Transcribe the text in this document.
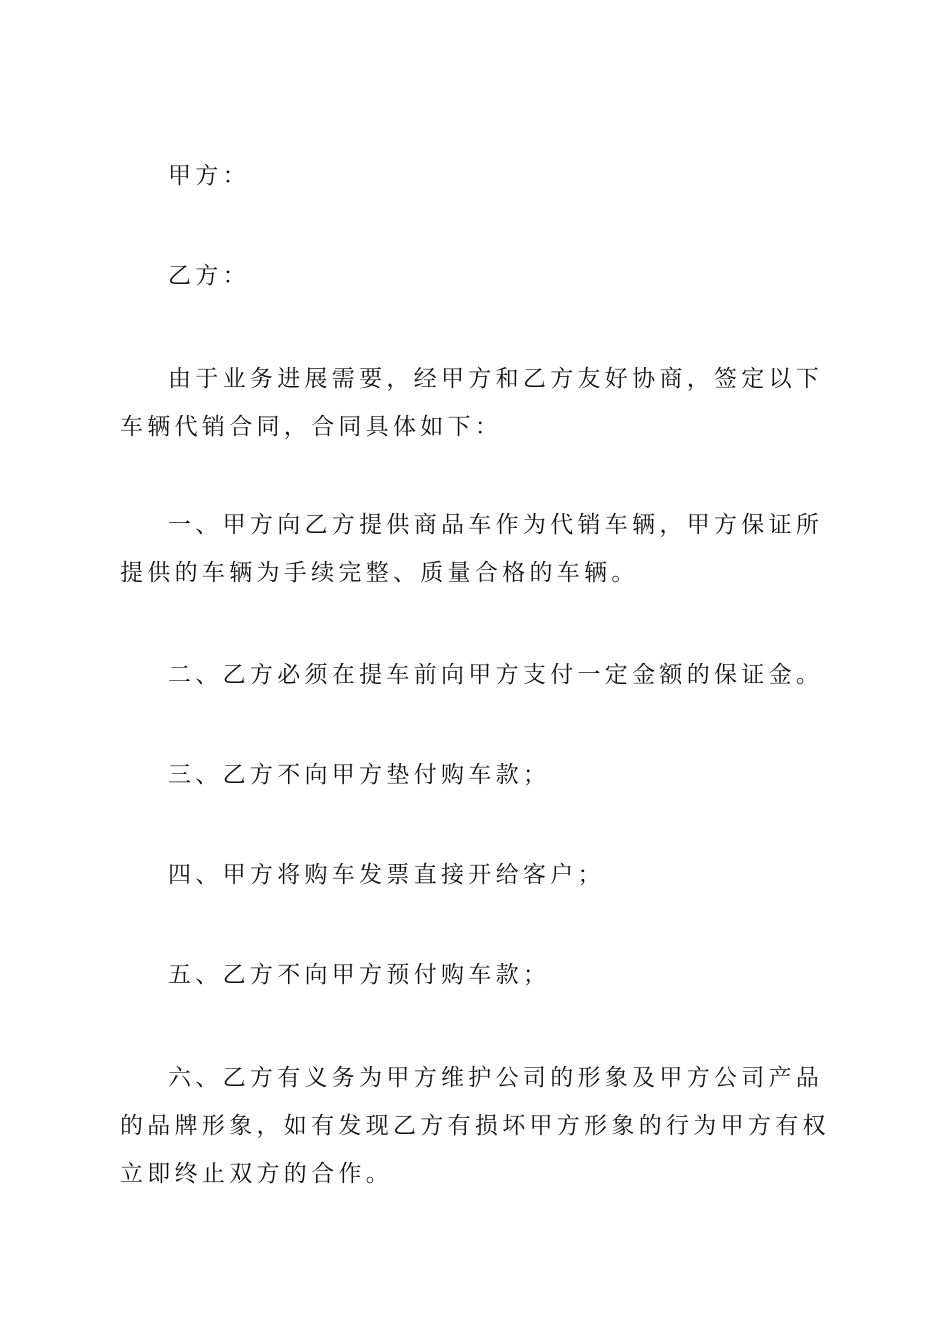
甲方：

乙方：

由于业务进展需要，经甲方和乙方友好协商，签定以下车辆代销合同，合同具体如下：

一、甲方向乙方提供商品车作为代销车辆，甲方保证所提供的车辆为手续完整、质量合格的车辆。

二、乙方必须在提车前向甲方支付一定金额的保证金。

三、乙方不向甲方垫付购车款；

四、甲方将购车发票直接开给客户；

五、乙方不向甲方预付购车款；

六、乙方有义务为甲方维护公司的形象及甲方公司产品的品牌形象，如有发现乙方有损坏甲方形象的行为甲方有权立即终止双方的合作。
